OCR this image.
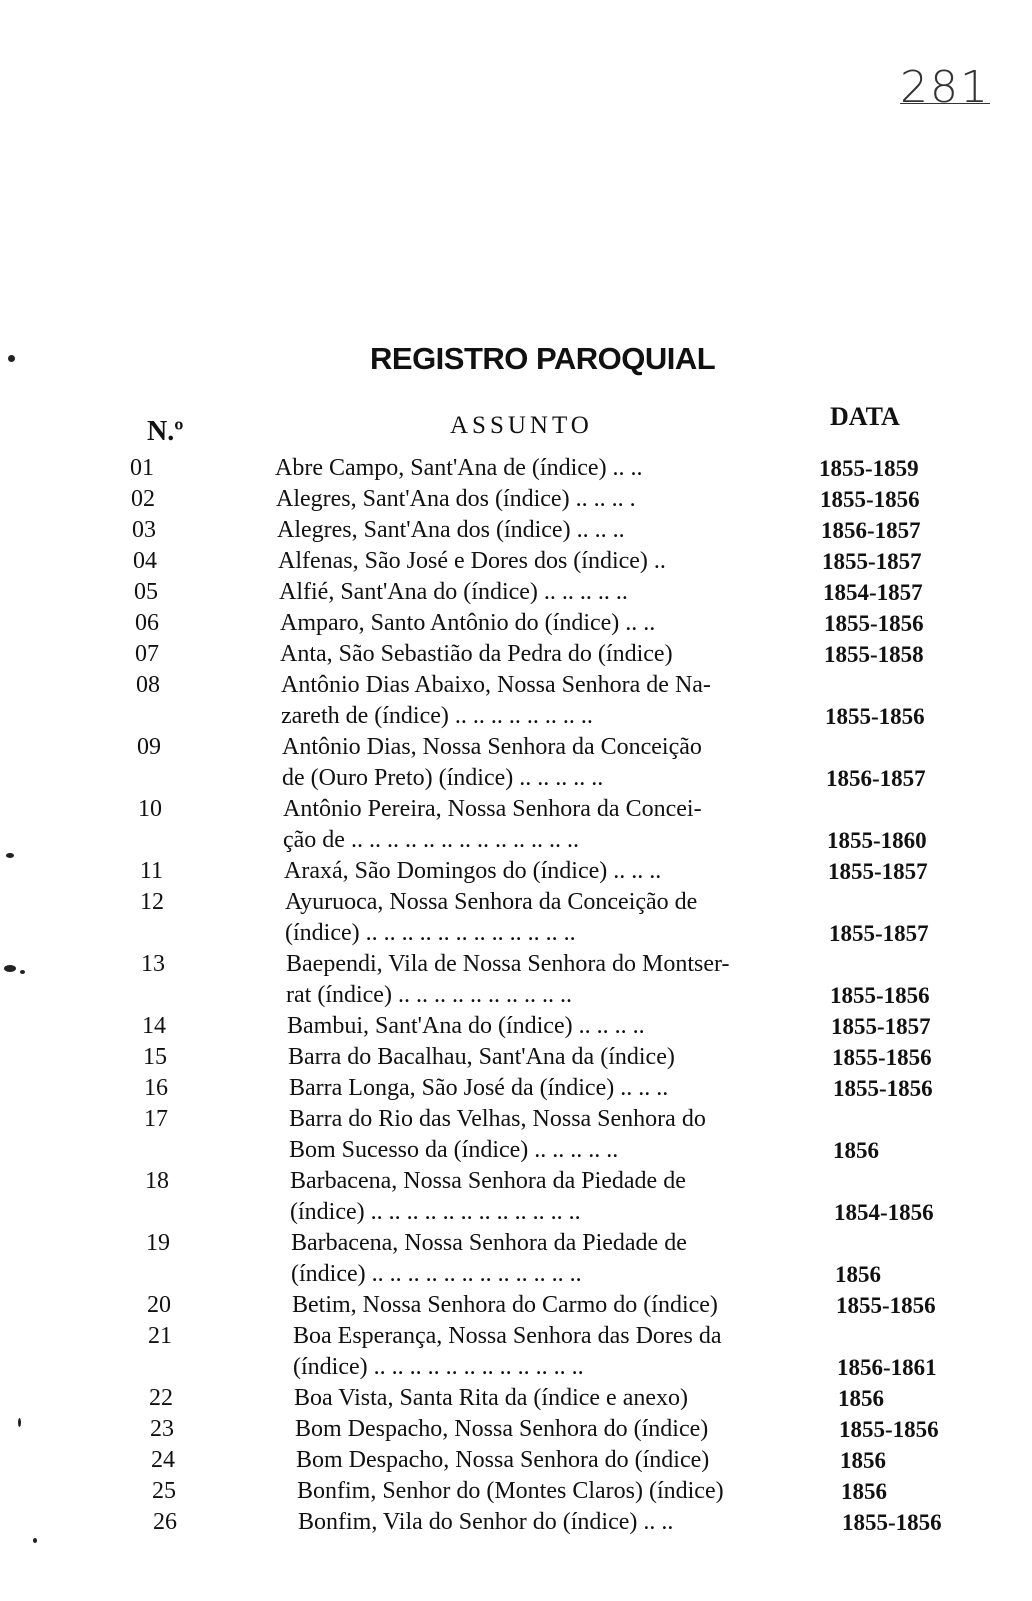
281
REGISTRO PAROQUIAL
N.º	ASSUNTO	DATA
01	Abre Campo, Sant'Ana de (índice) .. ..	1855-1859
02	Alegres, Sant'Ana dos (índice) .. .. .. .	1855-1856
03	Alegres, Sant'Ana dos (índice) .. .. ..	1856-1857
04	Alfenas, São José e Dores dos (índice) ..	1855-1857
05	Alfié, Sant'Ana do (índice) .. .. .. .. ..	1854-1857
06	Amparo, Santo Antônio do (índice) .. ..	1855-1856
07	Anta, São Sebastião da Pedra do (índice)	1855-1858
08	Antônio Dias Abaixo, Nossa Senhora de Na-
zareth de (índice) .. .. .. .. .. .. .. ..	1855-1856
09	Antônio Dias, Nossa Senhora da Conceição
de (Ouro Preto) (índice) .. .. .. .. ..	1856-1857
10	Antônio Pereira, Nossa Senhora da Concei-
ção de .. .. .. .. .. .. .. .. .. .. .. .. ..	1855-1860
11	Araxá, São Domingos do (índice) .. .. ..	1855-1857
12	Ayuruoca, Nossa Senhora da Conceição de
(índice) .. .. .. .. .. .. .. .. .. .. .. ..	1855-1857
13	Baependi, Vila de Nossa Senhora do Montser-
rat (índice) .. .. .. .. .. .. .. .. .. ..	1855-1856
14	Bambui, Sant'Ana do (índice) .. .. .. ..	1855-1857
15	Barra do Bacalhau, Sant'Ana da (índice)	1855-1856
16	Barra Longa, São José da (índice) .. .. ..	1855-1856
17	Barra do Rio das Velhas, Nossa Senhora do
Bom Sucesso da (índice) .. .. .. .. ..	1856
18	Barbacena, Nossa Senhora da Piedade de
(índice) .. .. .. .. .. .. .. .. .. .. .. ..	1854-1856
19	Barbacena, Nossa Senhora da Piedade de
(índice) .. .. .. .. .. .. .. .. .. .. .. ..	1856
20	Betim, Nossa Senhora do Carmo do (índice)	1855-1856
21	Boa Esperança, Nossa Senhora das Dores da
(índice) .. .. .. .. .. .. .. .. .. .. .. ..	1856-1861
22	Boa Vista, Santa Rita da (índice e anexo)	1856
23	Bom Despacho, Nossa Senhora do (índice)	1855-1856
24	Bom Despacho, Nossa Senhora do (índice)	1856
25	Bonfim, Senhor do (Montes Claros) (índice)	1856
26	Bonfim, Vila do Senhor do (índice) .. ..	1855-1856
